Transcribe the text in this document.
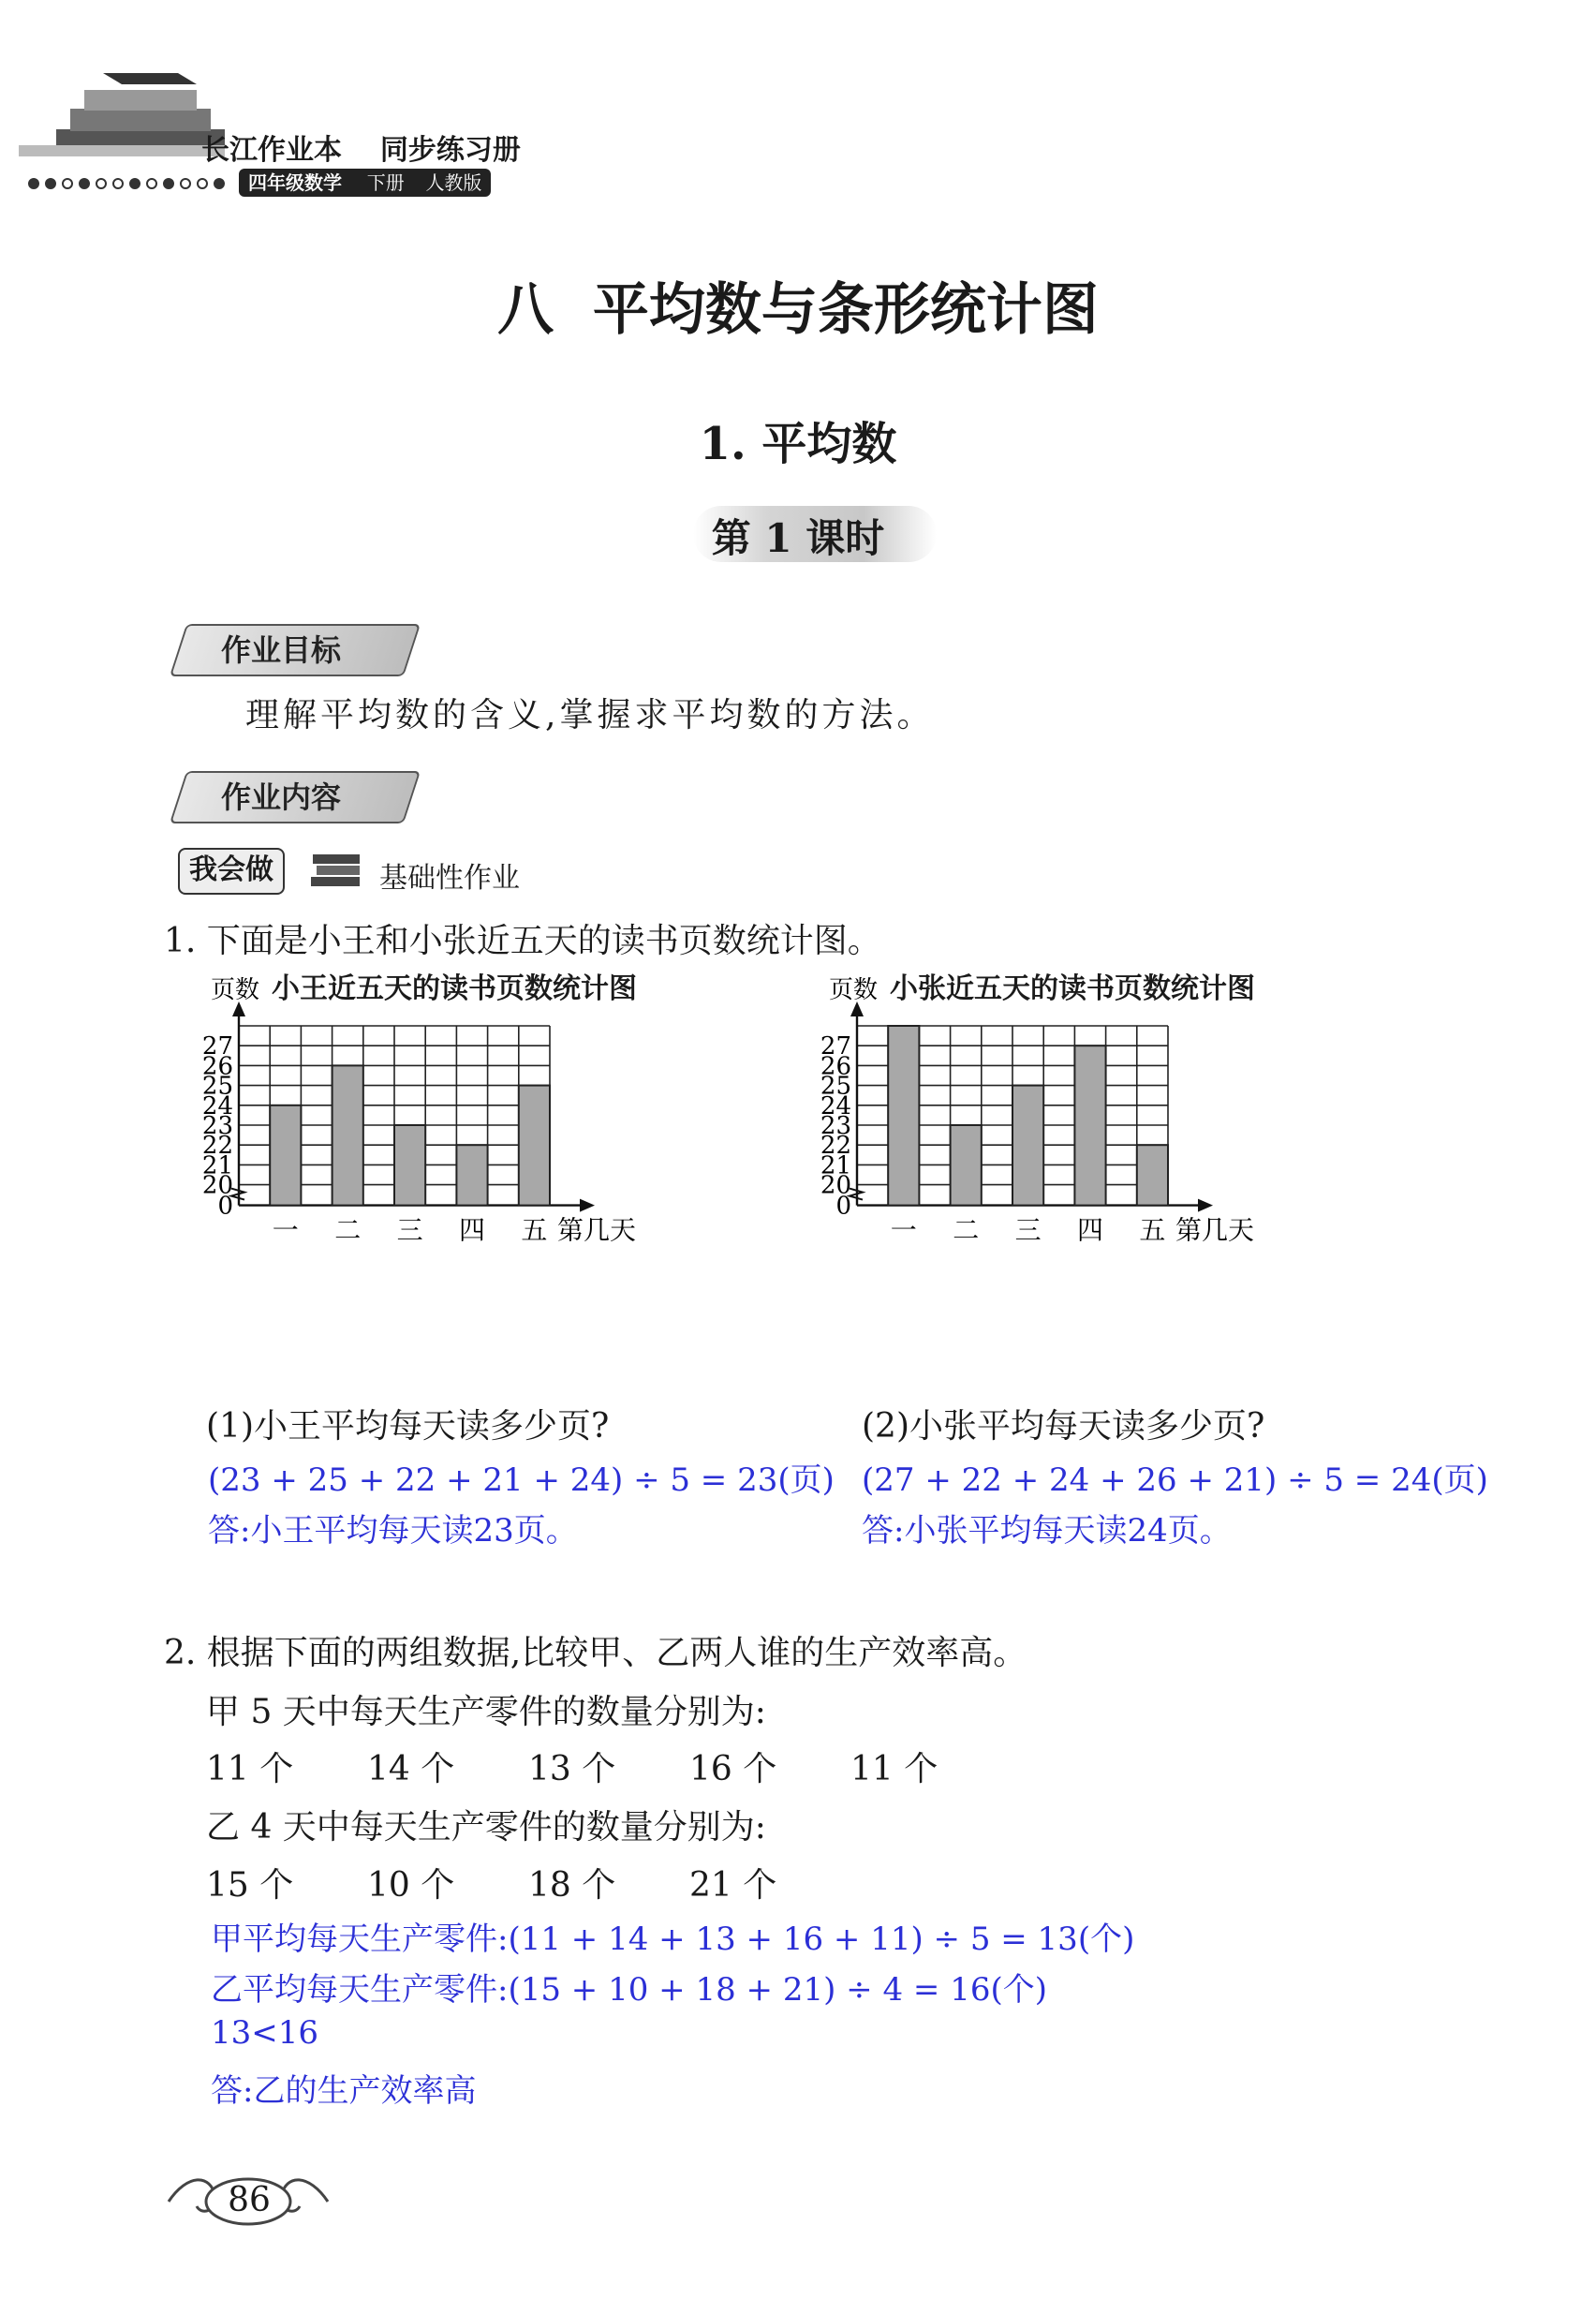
长江作业本 同步练习册
四年级数学 下册 人教版
八  平均数与条形统计图
1. 平均数
第 1 课时
作业目标
理解平均数的含义,掌握求平均数的方法。
作业内容
我会做	基础性作业
1. 下面是小王和小张近五天的读书页数统计图。
小王近五天的读书页数统计图
页数
0
20
21
22
23
24
25
26
27
一 二 三 四 五 第几天
小张近五天的读书页数统计图
页数
0
20
21
22
23
24
25
26
27
一 二 三 四 五 第几天
(1)小王平均每天读多少页?	(2)小张平均每天读多少页?
(23 + 25 + 22 + 21 + 24) ÷ 5 = 23(页) (27 + 22 + 24 + 26 + 21) ÷ 5 = 24(页)
答:小王平均每天读23页。	答:小张平均每天读24页。
2. 根据下面的两组数据,比较甲、乙两人谁的生产效率高。
甲 5 天中每天生产零件的数量分别为:
11 个	14 个	13 个	16 个	11 个
乙 4 天中每天生产零件的数量分别为:
15 个	10 个	18 个	21 个
甲平均每天生产零件:(11 + 14 + 13 + 16 + 11) ÷ 5 = 13(个)
乙平均每天生产零件:(15 + 10 + 18 + 21) ÷ 4 = 16(个)
13<16
答:乙的生产效率高
86
